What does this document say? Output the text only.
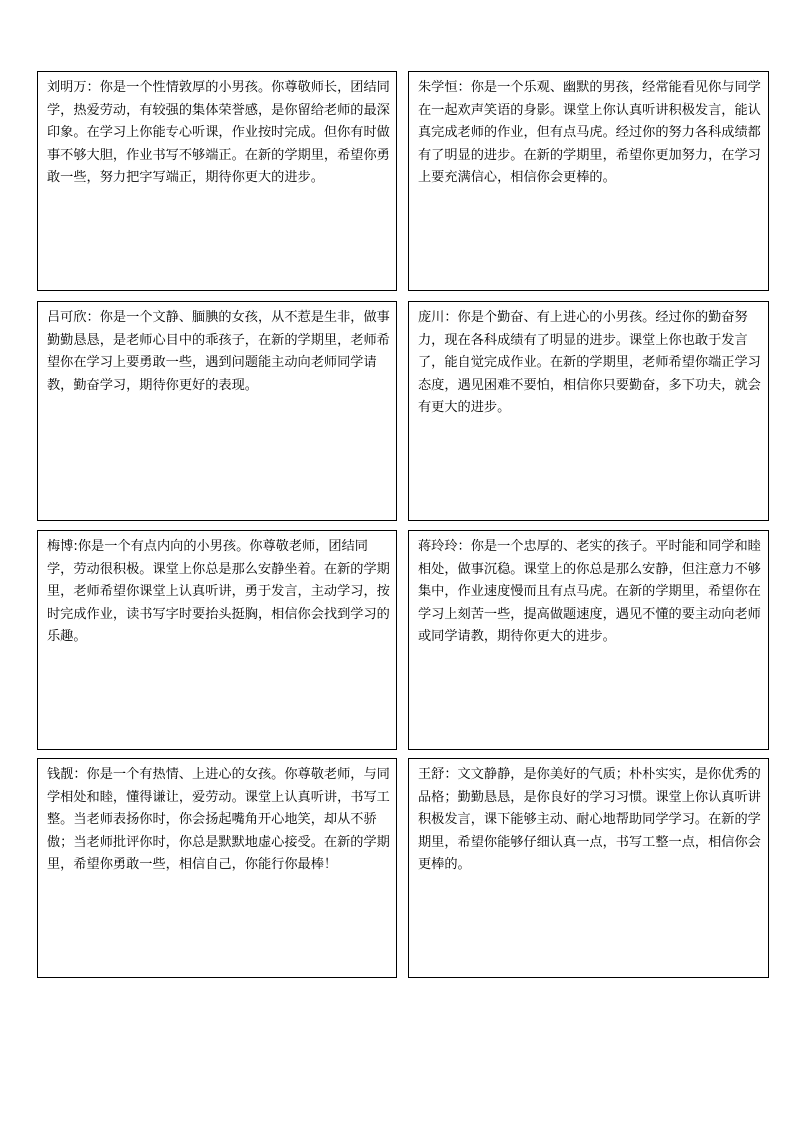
刘明万：你是一个性情敦厚的小男孩。你尊敬师长，团结同学，热爱劳动，有较强的集体荣誉感，是你留给老师的最深印象。在学习上你能专心听课，作业按时完成。但你有时做事不够大胆，作业书写不够端正。在新的学期里，希望你勇敢一些，努力把字写端正，期待你更大的进步。

朱学恒：你是一个乐观、幽默的男孩，经常能看见你与同学在一起欢声笑语的身影。课堂上你认真听讲积极发言，能认真完成老师的作业，但有点马虎。经过你的努力各科成绩都有了明显的进步。在新的学期里，希望你更加努力，在学习上要充满信心，相信你会更棒的。

吕可欣：你是一个文静、腼腆的女孩，从不惹是生非，做事勤勤恳恳，是老师心目中的乖孩子，在新的学期里，老师希望你在学习上要勇敢一些，遇到问题能主动向老师同学请教，勤奋学习，期待你更好的表现。

庞川：你是个勤奋、有上进心的小男孩。经过你的勤奋努力，现在各科成绩有了明显的进步。课堂上你也敢于发言了，能自觉完成作业。在新的学期里，老师希望你端正学习态度，遇见困难不要怕，相信你只要勤奋，多下功夫，就会有更大的进步。

梅博:你是一个有点内向的小男孩。你尊敬老师，团结同学，劳动很积极。课堂上你总是那么安静坐着。在新的学期里，老师希望你课堂上认真听讲，勇于发言，主动学习，按时完成作业，读书写字时要抬头挺胸，相信你会找到学习的乐趣。

蒋玲玲：你是一个忠厚的、老实的孩子。平时能和同学和睦相处，做事沉稳。课堂上的你总是那么安静，但注意力不够集中，作业速度慢而且有点马虎。在新的学期里，希望你在学习上刻苦一些，提高做题速度，遇见不懂的要主动向老师或同学请教，期待你更大的进步。

钱靓：你是一个有热情、上进心的女孩。你尊敬老师，与同学相处和睦，懂得谦让，爱劳动。课堂上认真听讲，书写工整。当老师表扬你时，你会扬起嘴角开心地笑，却从不骄傲；当老师批评你时，你总是默默地虚心接受。在新的学期里，希望你勇敢一些，相信自己，你能行你最棒！

王舒：文文静静，是你美好的气质；朴朴实实，是你优秀的品格；勤勤恳恳，是你良好的学习习惯。课堂上你认真听讲积极发言，课下能够主动、耐心地帮助同学学习。在新的学期里，希望你能够仔细认真一点，书写工整一点，相信你会更棒的。
